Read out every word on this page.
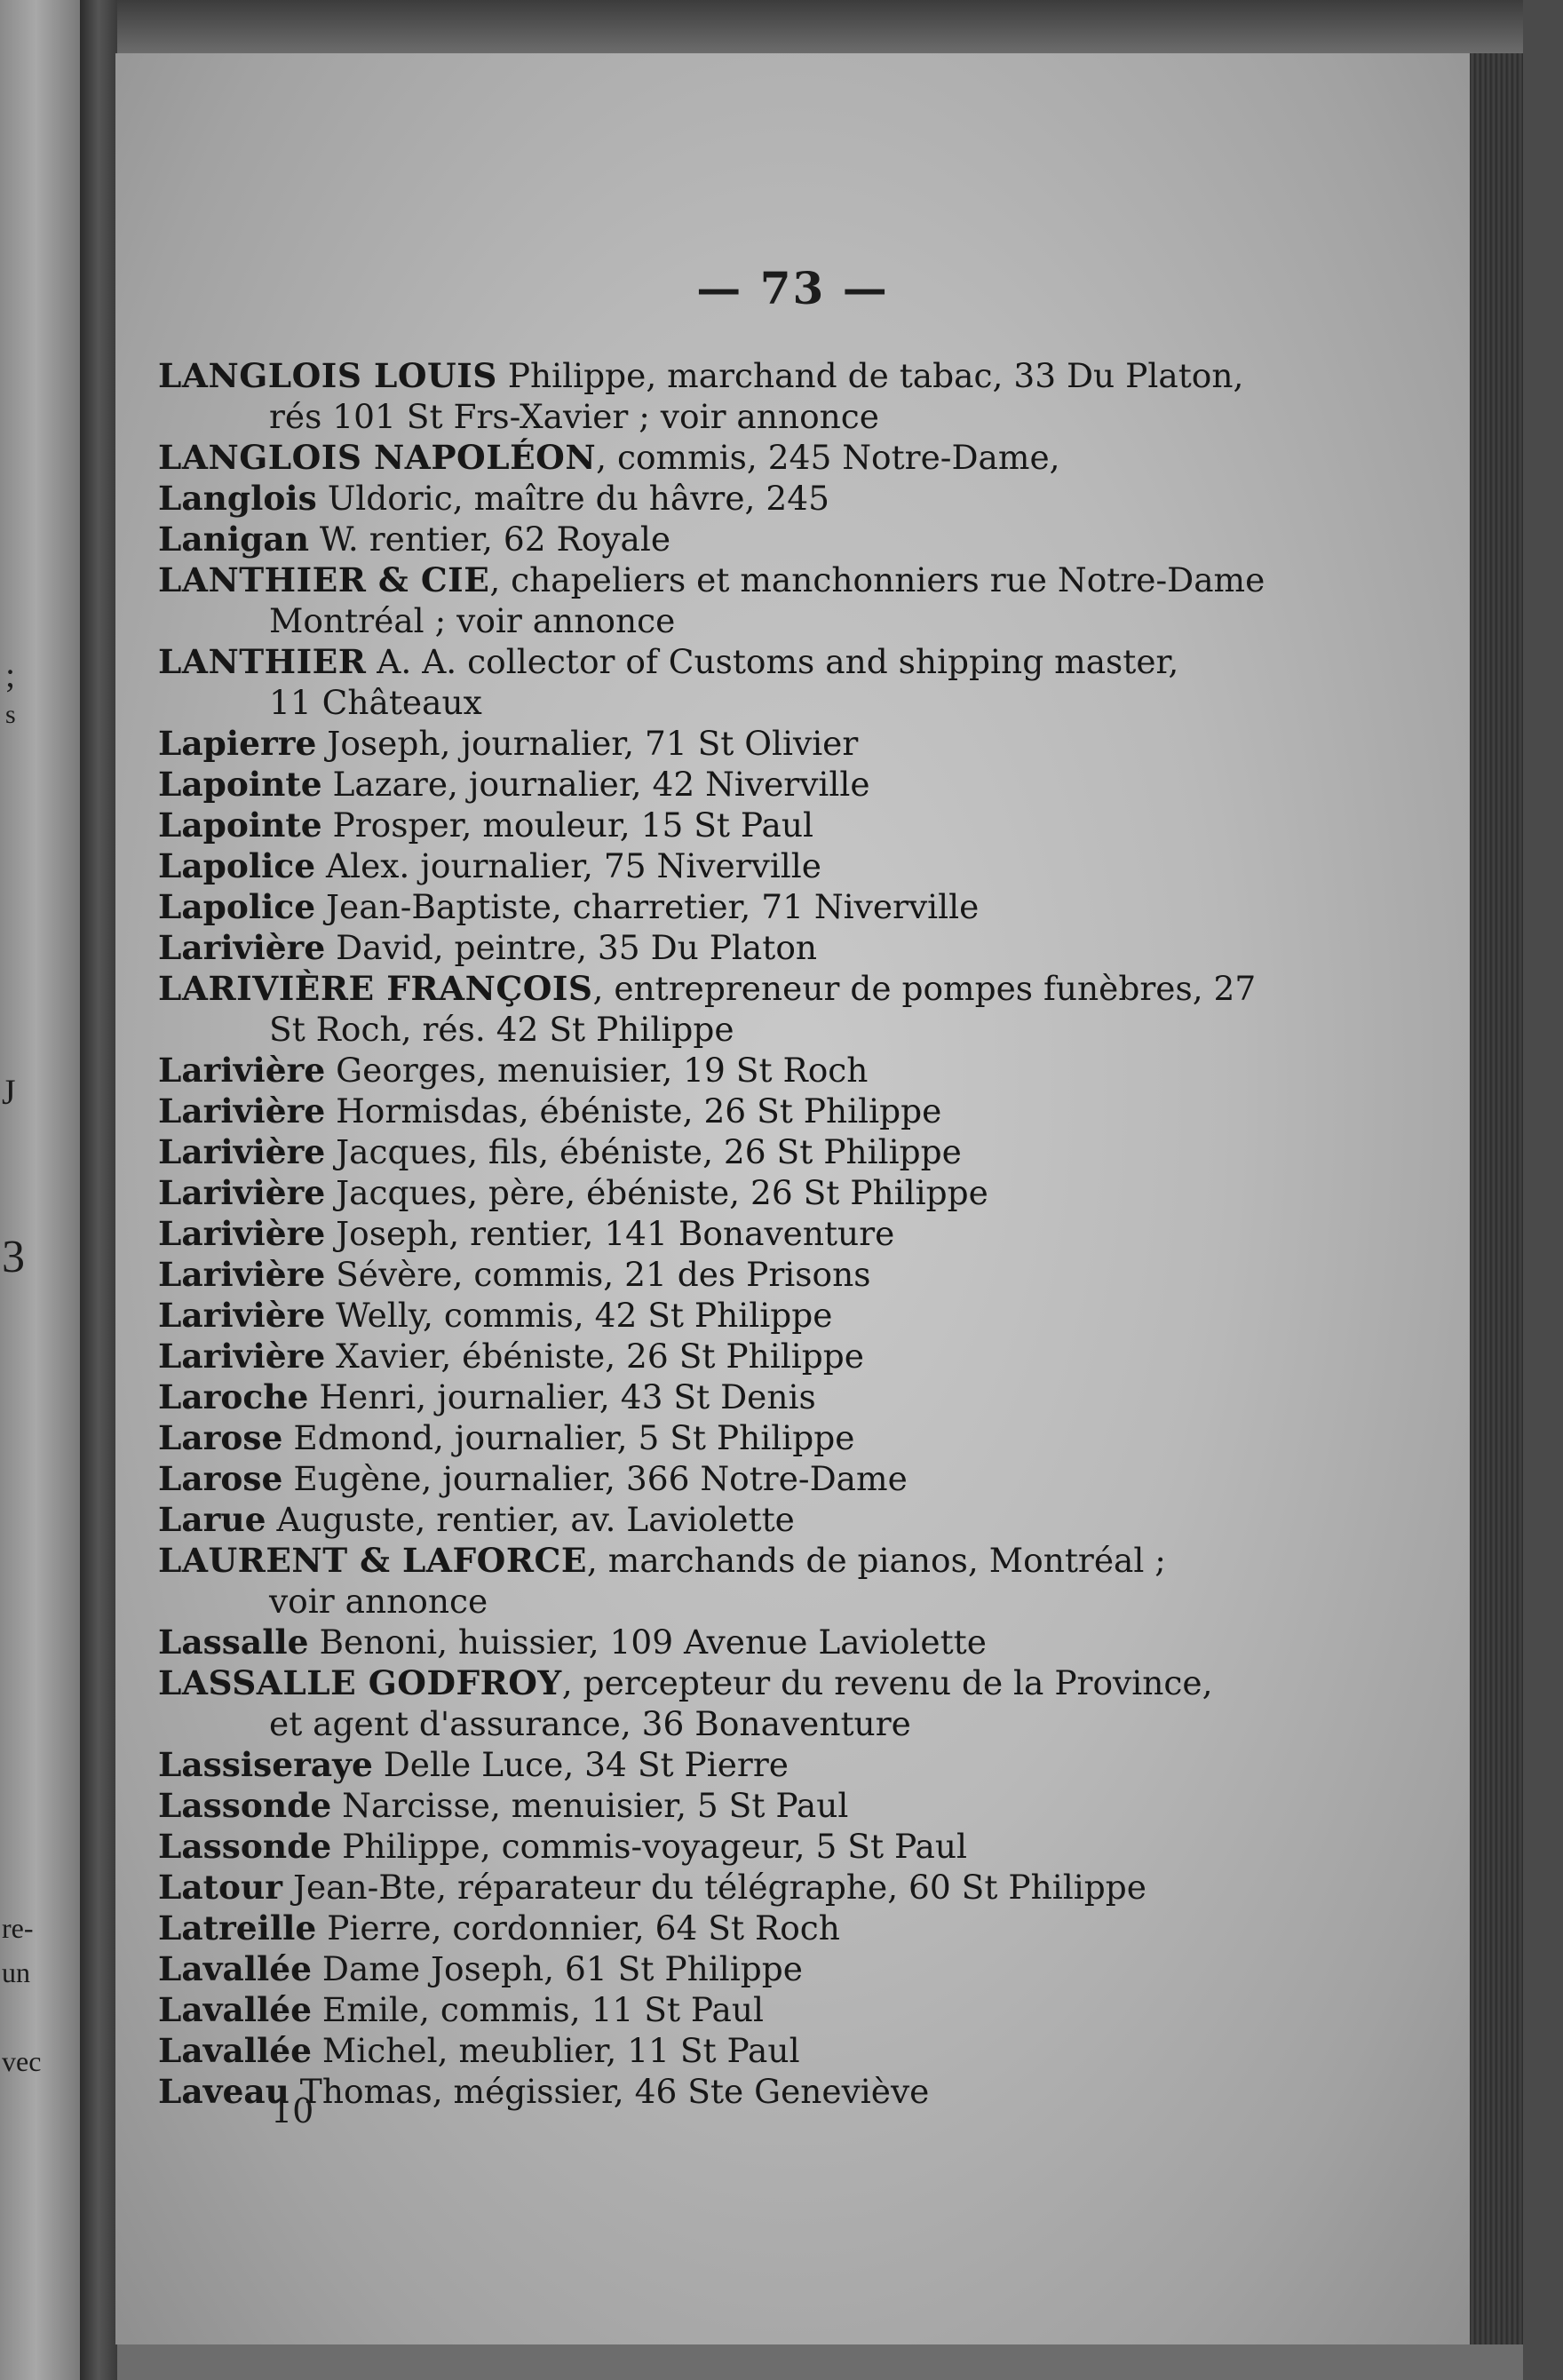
;
s
J
3
re-
un
vec
— 73 —
LANGLOIS LOUIS Philippe, marchand de tabac, 33 Du Platon,
rés 101 St Frs-Xavier ; voir annonce
LANGLOIS NAPOLÉON, commis, 245 Notre-Dame,
Langlois Uldoric, maître du hâvre, 245
Lanigan W. rentier, 62 Royale
LANTHIER & CIE, chapeliers et manchonniers rue Notre-Dame
Montréal ; voir annonce
LANTHIER A. A. collector of Customs and shipping master,
11 Châteaux
Lapierre Joseph, journalier, 71 St Olivier
Lapointe Lazare, journalier, 42 Niverville
Lapointe Prosper, mouleur, 15 St Paul
Lapolice Alex. journalier, 75 Niverville
Lapolice Jean-Baptiste, charretier, 71 Niverville
Larivière David, peintre, 35 Du Platon
LARIVIÈRE FRANÇOIS, entrepreneur de pompes funèbres, 27
St Roch, rés. 42 St Philippe
Larivière Georges, menuisier, 19 St Roch
Larivière Hormisdas, ébéniste, 26 St Philippe
Larivière Jacques, fils, ébéniste, 26 St Philippe
Larivière Jacques, père, ébéniste, 26 St Philippe
Larivière Joseph, rentier, 141 Bonaventure
Larivière Sévère, commis, 21 des Prisons
Larivière Welly, commis, 42 St Philippe
Larivière Xavier, ébéniste, 26 St Philippe
Laroche Henri, journalier, 43 St Denis
Larose Edmond, journalier, 5 St Philippe
Larose Eugène, journalier, 366 Notre-Dame
Larue Auguste, rentier, av. Laviolette
LAURENT & LAFORCE, marchands de pianos, Montréal ;
voir annonce
Lassalle Benoni, huissier, 109 Avenue Laviolette
LASSALLE GODFROY, percepteur du revenu de la Province,
et agent d'assurance, 36 Bonaventure
Lassiseraye Delle Luce, 34 St Pierre
Lassonde Narcisse, menuisier, 5 St Paul
Lassonde Philippe, commis-voyageur, 5 St Paul
Latour Jean-Bte, réparateur du télégraphe, 60 St Philippe
Latreille Pierre, cordonnier, 64 St Roch
Lavallée Dame Joseph, 61 St Philippe
Lavallée Emile, commis, 11 St Paul
Lavallée Michel, meublier, 11 St Paul
Laveau Thomas, mégissier, 46 Ste Geneviève
10
